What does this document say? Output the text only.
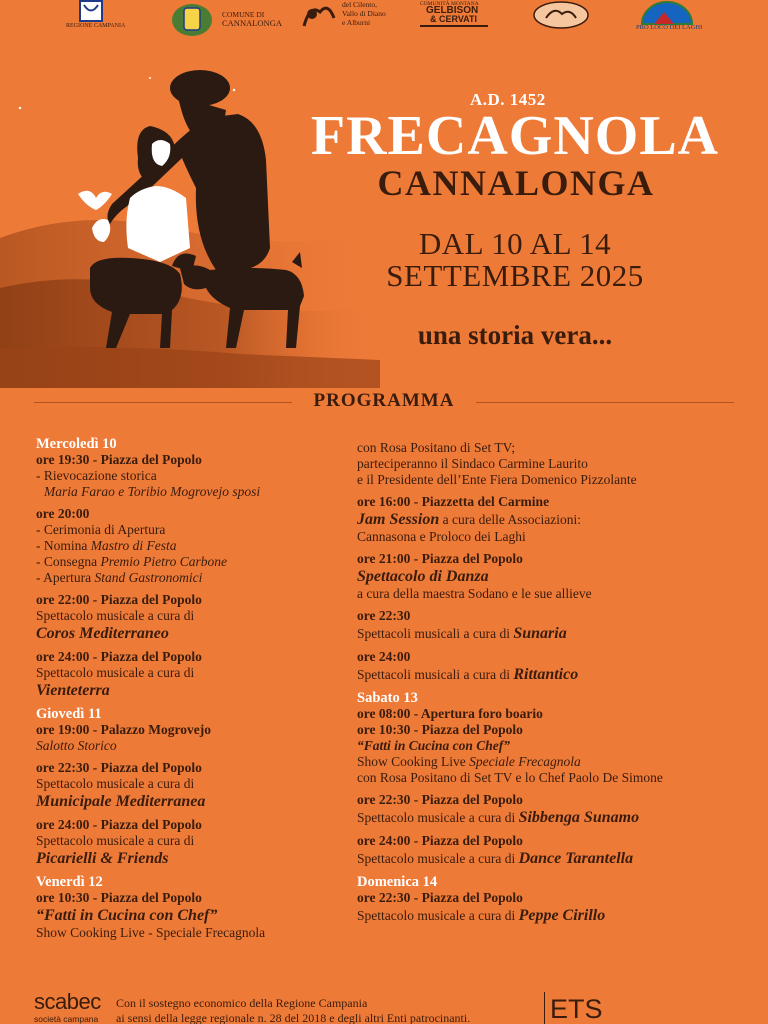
REGIONE CAMPANIA
COMUNE DI
CANNALONGA
del Cilento,
Vallo di Diano
e Alburni
COMUNITÀ MONTANA
GELBISON
& CERVATI
PRO LOCO DEI LAGHI
A.D. 1452
FRECAGNOLA
CANNALONGA
DAL 10 AL 14
SETTEMBRE 2025
una storia vera...
PROGRAMMA
Mercoledì 10
ore 19:30 - Piazza del Popolo
- Rievocazione storica
Maria Farao e Toribio Mogrovejo sposi
ore 20:00
- Cerimonia di Apertura
- Nomina Mastro di Festa
- Consegna Premio Pietro Carbone
- Apertura Stand Gastronomici
ore 22:00 - Piazza del Popolo
Spettacolo musicale a cura di
Coros Mediterraneo
ore 24:00 - Piazza del Popolo
Spettacolo musicale a cura di
Vienteterra
Giovedì 11
ore 19:00 - Palazzo Mogrovejo
Salotto Storico
ore 22:30 - Piazza del Popolo
Spettacolo musicale a cura di
Municipale Mediterranea
ore 24:00 - Piazza del Popolo
Spettacolo musicale a cura di
Picarielli & Friends
Venerdì 12
ore 10:30 - Piazza del Popolo
“Fatti in Cucina con Chef”
Show Cooking Live - Speciale Frecagnola
con Rosa Positano di Set TV;
parteciperanno il Sindaco Carmine Laurito
e il Presidente dell’Ente Fiera Domenico Pizzolante
ore 16:00 - Piazzetta del Carmine
Jam Session a cura delle Associazioni:
Cannasona e Proloco dei Laghi
ore 21:00 - Piazza del Popolo
Spettacolo di Danza
a cura della maestra Sodano e le sue allieve
ore 22:30
Spettacoli musicali a cura di Sunaria
ore 24:00
Spettacoli musicali a cura di Rittantico
Sabato 13
ore 08:00 - Apertura foro boario
ore 10:30 - Piazza del Popolo
“Fatti in Cucina con Chef”
Show Cooking Live Speciale Frecagnola
con Rosa Positano di Set TV e lo Chef Paolo De Simone
ore 22:30 - Piazza del Popolo
Spettacolo musicale a cura di Sibbenga Sunamo
ore 24:00 - Piazza del Popolo
Spettacolo musicale a cura di Dance Tarantella
Domenica 14
ore 22:30 - Piazza del Popolo
Spettacolo musicale a cura di Peppe Cirillo
scabec
società campana
Con il sostegno economico della Regione Campania
ai sensi della legge regionale n. 28 del 2018 e degli altri Enti patrocinanti.	ETS
